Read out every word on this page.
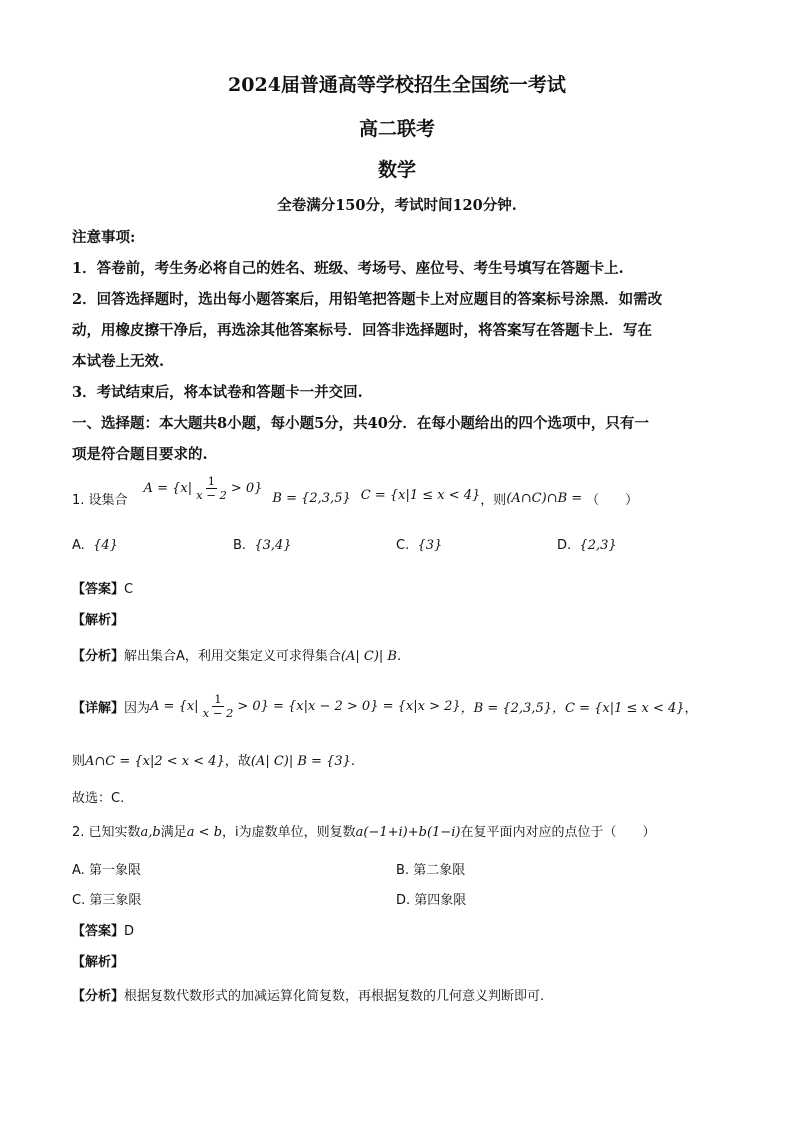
2024届普通高等学校招生全国统一考试
高二联考
数学
全卷满分150分，考试时间120分钟.
注意事项:
1．答卷前，考生务必将自己的姓名、班级、考场号、座位号、考生号填写在答题卡上.
2．回答选择题时，选出每小题答案后，用铅笔把答题卡上对应题目的答案标号涂黑．如需改
动，用橡皮擦干净后，再选涂其他答案标号．回答非选择题时，将答案写在答题卡上．写在
本试卷上无效.
3．考试结束后，将本试卷和答题卡一并交回.
一、选择题：本大题共8小题，每小题5分，共40分．在每小题给出的四个选项中，只有一
项是符合题目要求的.
1. 设集合
$A = \{x| \frac{1}{x - 2} > 0\}$
B = {2,3,5} C = {x|1 ≤ x < 4} ，则 (A∩C)∩B = （　　）
A. {4}	B. {3,4}	C. {3}	D. {2,3}
【答案】C
【解析】
【分析】解出集合A，利用交集定义可求得集合(A| C)| B.
【详解】 因为 $A = \{x| \frac{1}{x - 2} > 0\} = \{x|x - 2 > 0\} = \{x|x > 2\}$ ，B = {2,3,5} ，C = {x|1 ≤ x < 4} ，
则A∩C = {x|2 < x < 4}，故(A| C)| B = {3}.
故选：C.
2. 已知实数a,b满足a < b，i为虚数单位，则复数a(−1+i)+b(1−i)在复平面内对应的点位于（　　）
A. 第一象限	B. 第二象限
C. 第三象限	D. 第四象限
【答案】D
【解析】
【分析】根据复数代数形式的加减运算化简复数，再根据复数的几何意义判断即可.
